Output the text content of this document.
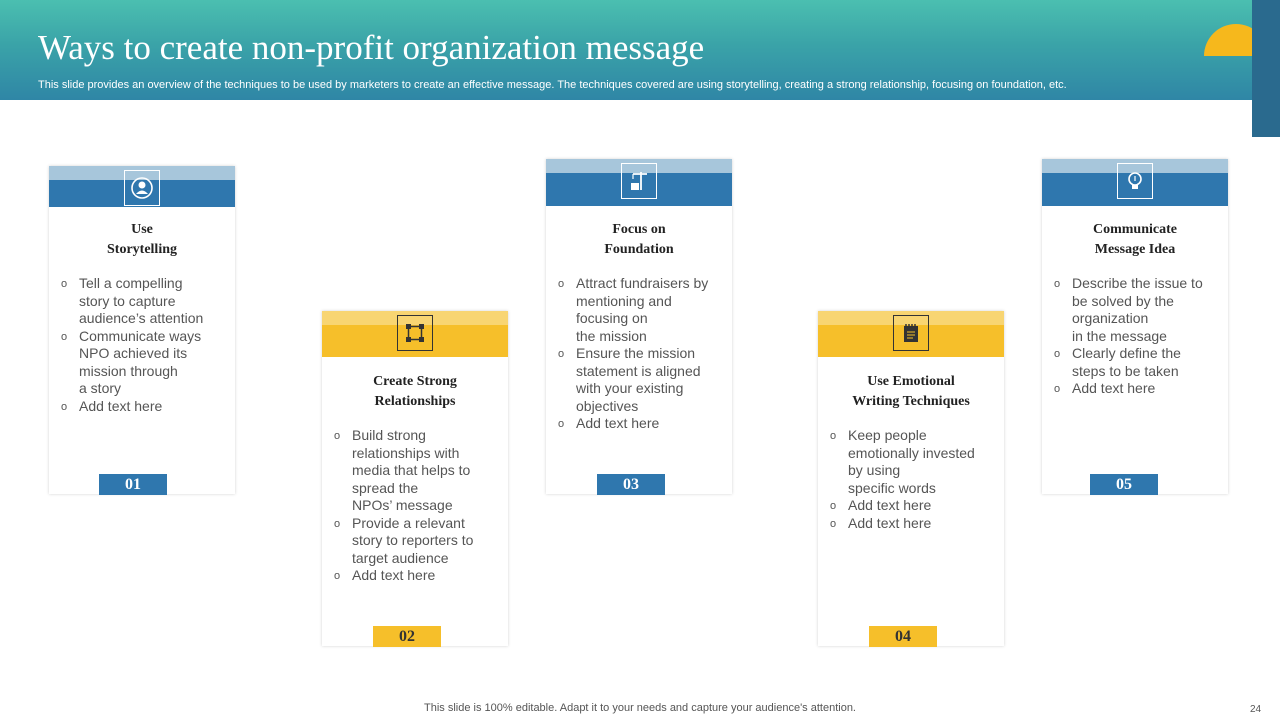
Ways to create non-profit organization message
This slide provides an overview of the techniques to be used by marketers to create an effective message. The techniques covered are using storytelling, creating a strong relationship, focusing on foundation, etc.
Use
Storytelling
o Tell a compelling
story to capture
audience’s attention
o Communicate ways
NPO achieved its
mission through
a story
o Add text here
01
Create Strong
Relationships
o Build strong
relationships with
media that helps to
spread the
NPOs’ message
o Provide a relevant
story to reporters to
target audience
o Add text here
02
Focus on
Foundation
o Attract fundraisers by
mentioning and
focusing on
the mission
o Ensure the mission
statement is aligned
with your existing
objectives
o Add text here
03
Use Emotional
Writing Techniques
o Keep people
emotionally invested
by using
specific words
o Add text here
o Add text here
04
Communicate
Message Idea
o Describe the issue to
be solved by the
organization
in the message
o Clearly define the
steps to be taken
o Add text here
05
This slide is 100% editable. Adapt it to your needs and capture your audience's attention.	24
